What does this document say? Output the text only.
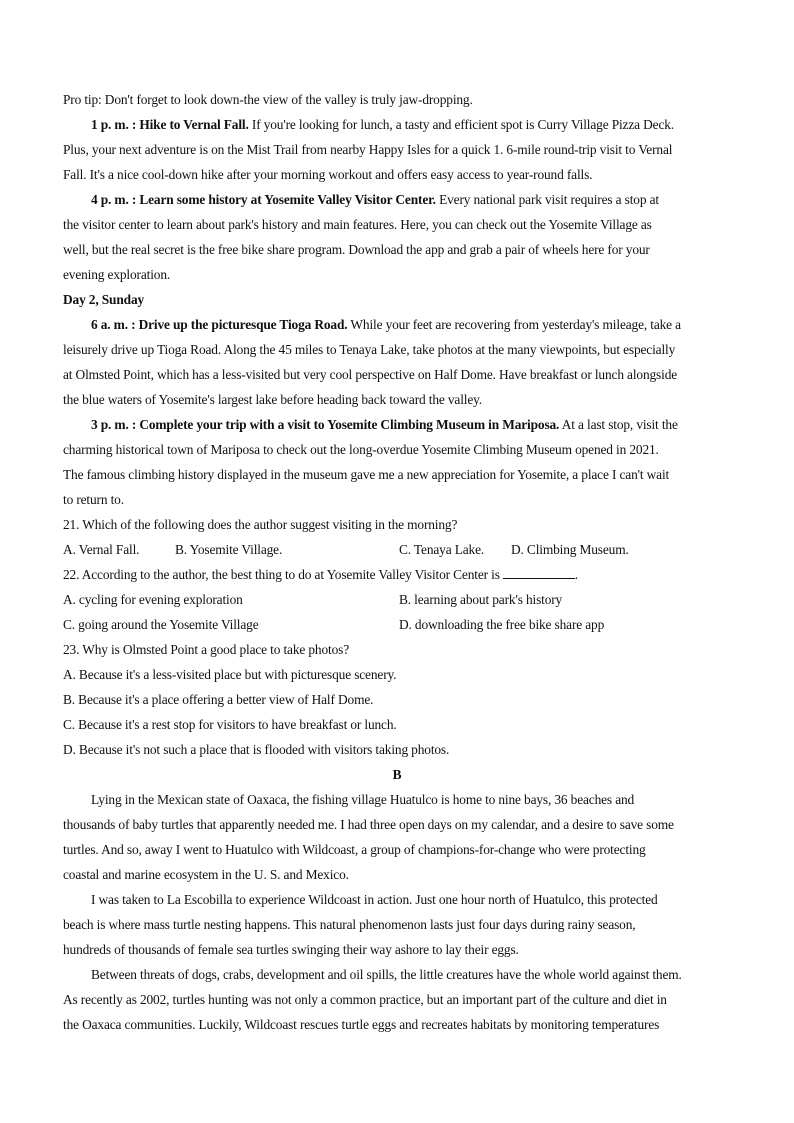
Pro tip: Don't forget to look down-the view of the valley is truly jaw-dropping.
1 p. m. : Hike to Vernal Fall. If you're looking for lunch, a tasty and efficient spot is Curry Village Pizza Deck.
Plus, your next adventure is on the Mist Trail from nearby Happy Isles for a quick 1. 6-mile round-trip visit to Vernal
Fall. It's a nice cool-down hike after your morning workout and offers easy access to year-round falls.
4 p. m. : Learn some history at Yosemite Valley Visitor Center. Every national park visit requires a stop at
the visitor center to learn about park's history and main features. Here, you can check out the Yosemite Village as
well, but the real secret is the free bike share program. Download the app and grab a pair of wheels here for your
evening exploration.
Day 2, Sunday
6 a. m. : Drive up the picturesque Tioga Road. While your feet are recovering from yesterday's mileage, take a
leisurely drive up Tioga Road. Along the 45 miles to Tenaya Lake, take photos at the many viewpoints, but especially
at Olmsted Point, which has a less-visited but very cool perspective on Half Dome. Have breakfast or lunch alongside
the blue waters of Yosemite's largest lake before heading back toward the valley.
3 p. m. : Complete your trip with a visit to Yosemite Climbing Museum in Mariposa. At a last stop, visit the
charming historical town of Mariposa to check out the long-overdue Yosemite Climbing Museum opened in 2021.
The famous climbing history displayed in the museum gave me a new appreciation for Yosemite, a place I can't wait
to return to.
21. Which of the following does the author suggest visiting in the morning?
A. Vernal Fall.	B. Yosemite Village.	C. Tenaya Lake. D. Climbing Museum.
22. According to the author, the best thing to do at Yosemite Valley Visitor Center is	.
A. cycling for evening exploration	B. learning about park's history
C. going around the Yosemite Village	D. downloading the free bike share app
23. Why is Olmsted Point a good place to take photos?
A. Because it's a less-visited place but with picturesque scenery.
B. Because it's a place offering a better view of Half Dome.
C. Because it's a rest stop for visitors to have breakfast or lunch.
D. Because it's not such a place that is flooded with visitors taking photos.
B
Lying in the Mexican state of Oaxaca, the fishing village Huatulco is home to nine bays, 36 beaches and
thousands of baby turtles that apparently needed me. I had three open days on my calendar, and a desire to save some
turtles. And so, away I went to Huatulco with Wildcoast, a group of champions-for-change who were protecting
coastal and marine ecosystem in the U. S. and Mexico.
I was taken to La Escobilla to experience Wildcoast in action. Just one hour north of Huatulco, this protected
beach is where mass turtle nesting happens. This natural phenomenon lasts just four days during rainy season,
hundreds of thousands of female sea turtles swinging their way ashore to lay their eggs.
Between threats of dogs, crabs, development and oil spills, the little creatures have the whole world against them.
As recently as 2002, turtles hunting was not only a common practice, but an important part of the culture and diet in
the Oaxaca communities. Luckily, Wildcoast rescues turtle eggs and recreates habitats by monitoring temperatures
